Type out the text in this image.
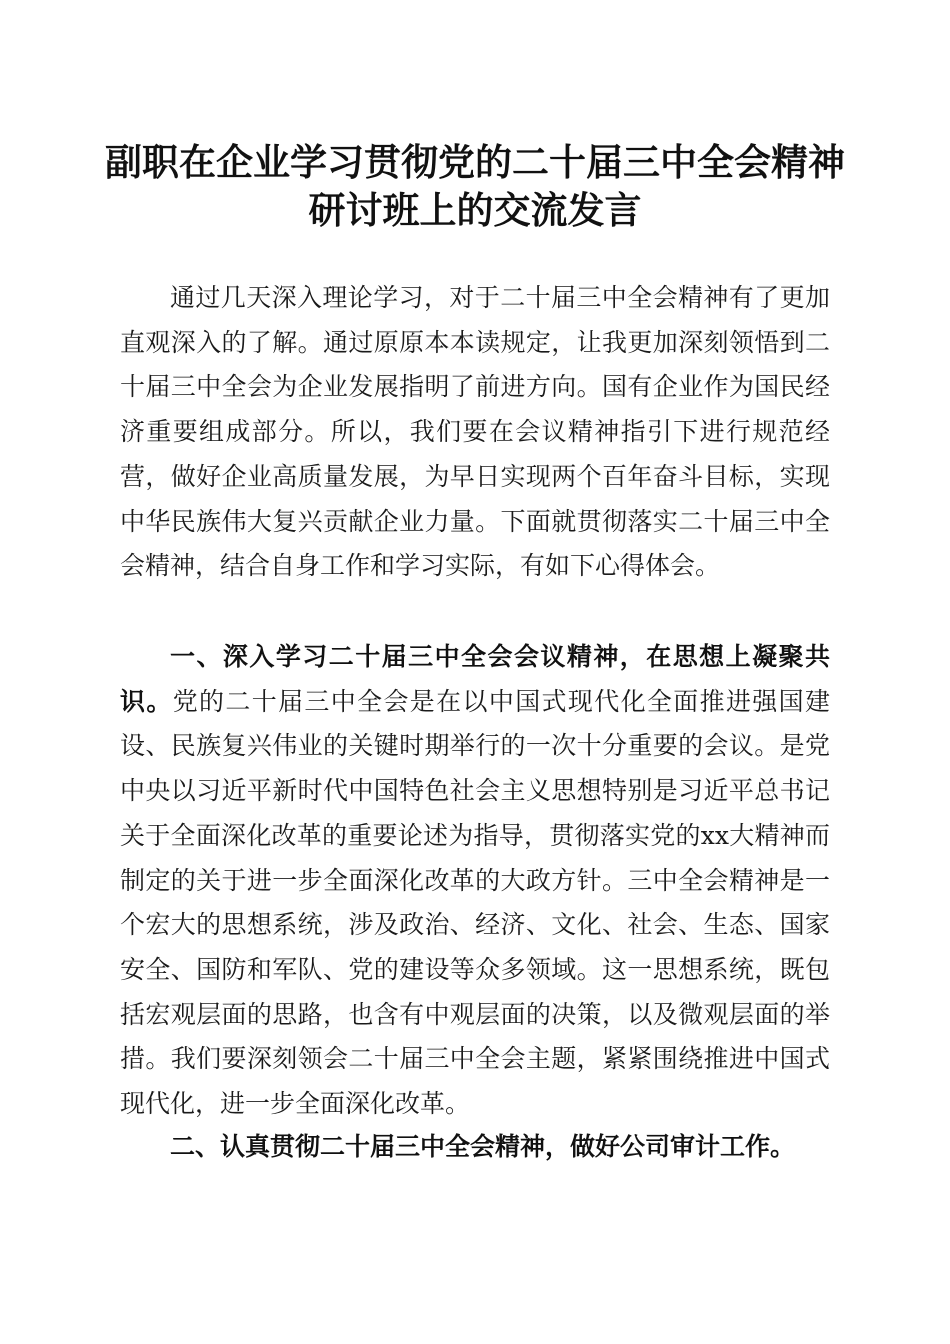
副职在企业学习贯彻党的二十届三中全会精神
研讨班上的交流发言

通过几天深入理论学习，对于二十届三中全会精神有了更加直观深入的了解。通过原原本本读规定，让我更加深刻领悟到二十届三中全会为企业发展指明了前进方向。国有企业作为国民经济重要组成部分。所以，我们要在会议精神指引下进行规范经营，做好企业高质量发展，为早日实现两个百年奋斗目标，实现中华民族伟大复兴贡献企业力量。下面就贯彻落实二十届三中全会精神，结合自身工作和学习实际，有如下心得体会。

一、深入学习二十届三中全会会议精神，在思想上凝聚共识。党的二十届三中全会是在以中国式现代化全面推进强国建设、民族复兴伟业的关键时期举行的一次十分重要的会议。是党中央以习近平新时代中国特色社会主义思想特别是习近平总书记关于全面深化改革的重要论述为指导，贯彻落实党的xx大精神而制定的关于进一步全面深化改革的大政方针。三中全会精神是一个宏大的思想系统，涉及政治、经济、文化、社会、生态、国家安全、国防和军队、党的建设等众多领域。这一思想系统，既包括宏观层面的思路，也含有中观层面的决策，以及微观层面的举措。我们要深刻领会二十届三中全会主题，紧紧围绕推进中国式现代化，进一步全面深化改革。

二、认真贯彻二十届三中全会精神，做好公司审计工作。
